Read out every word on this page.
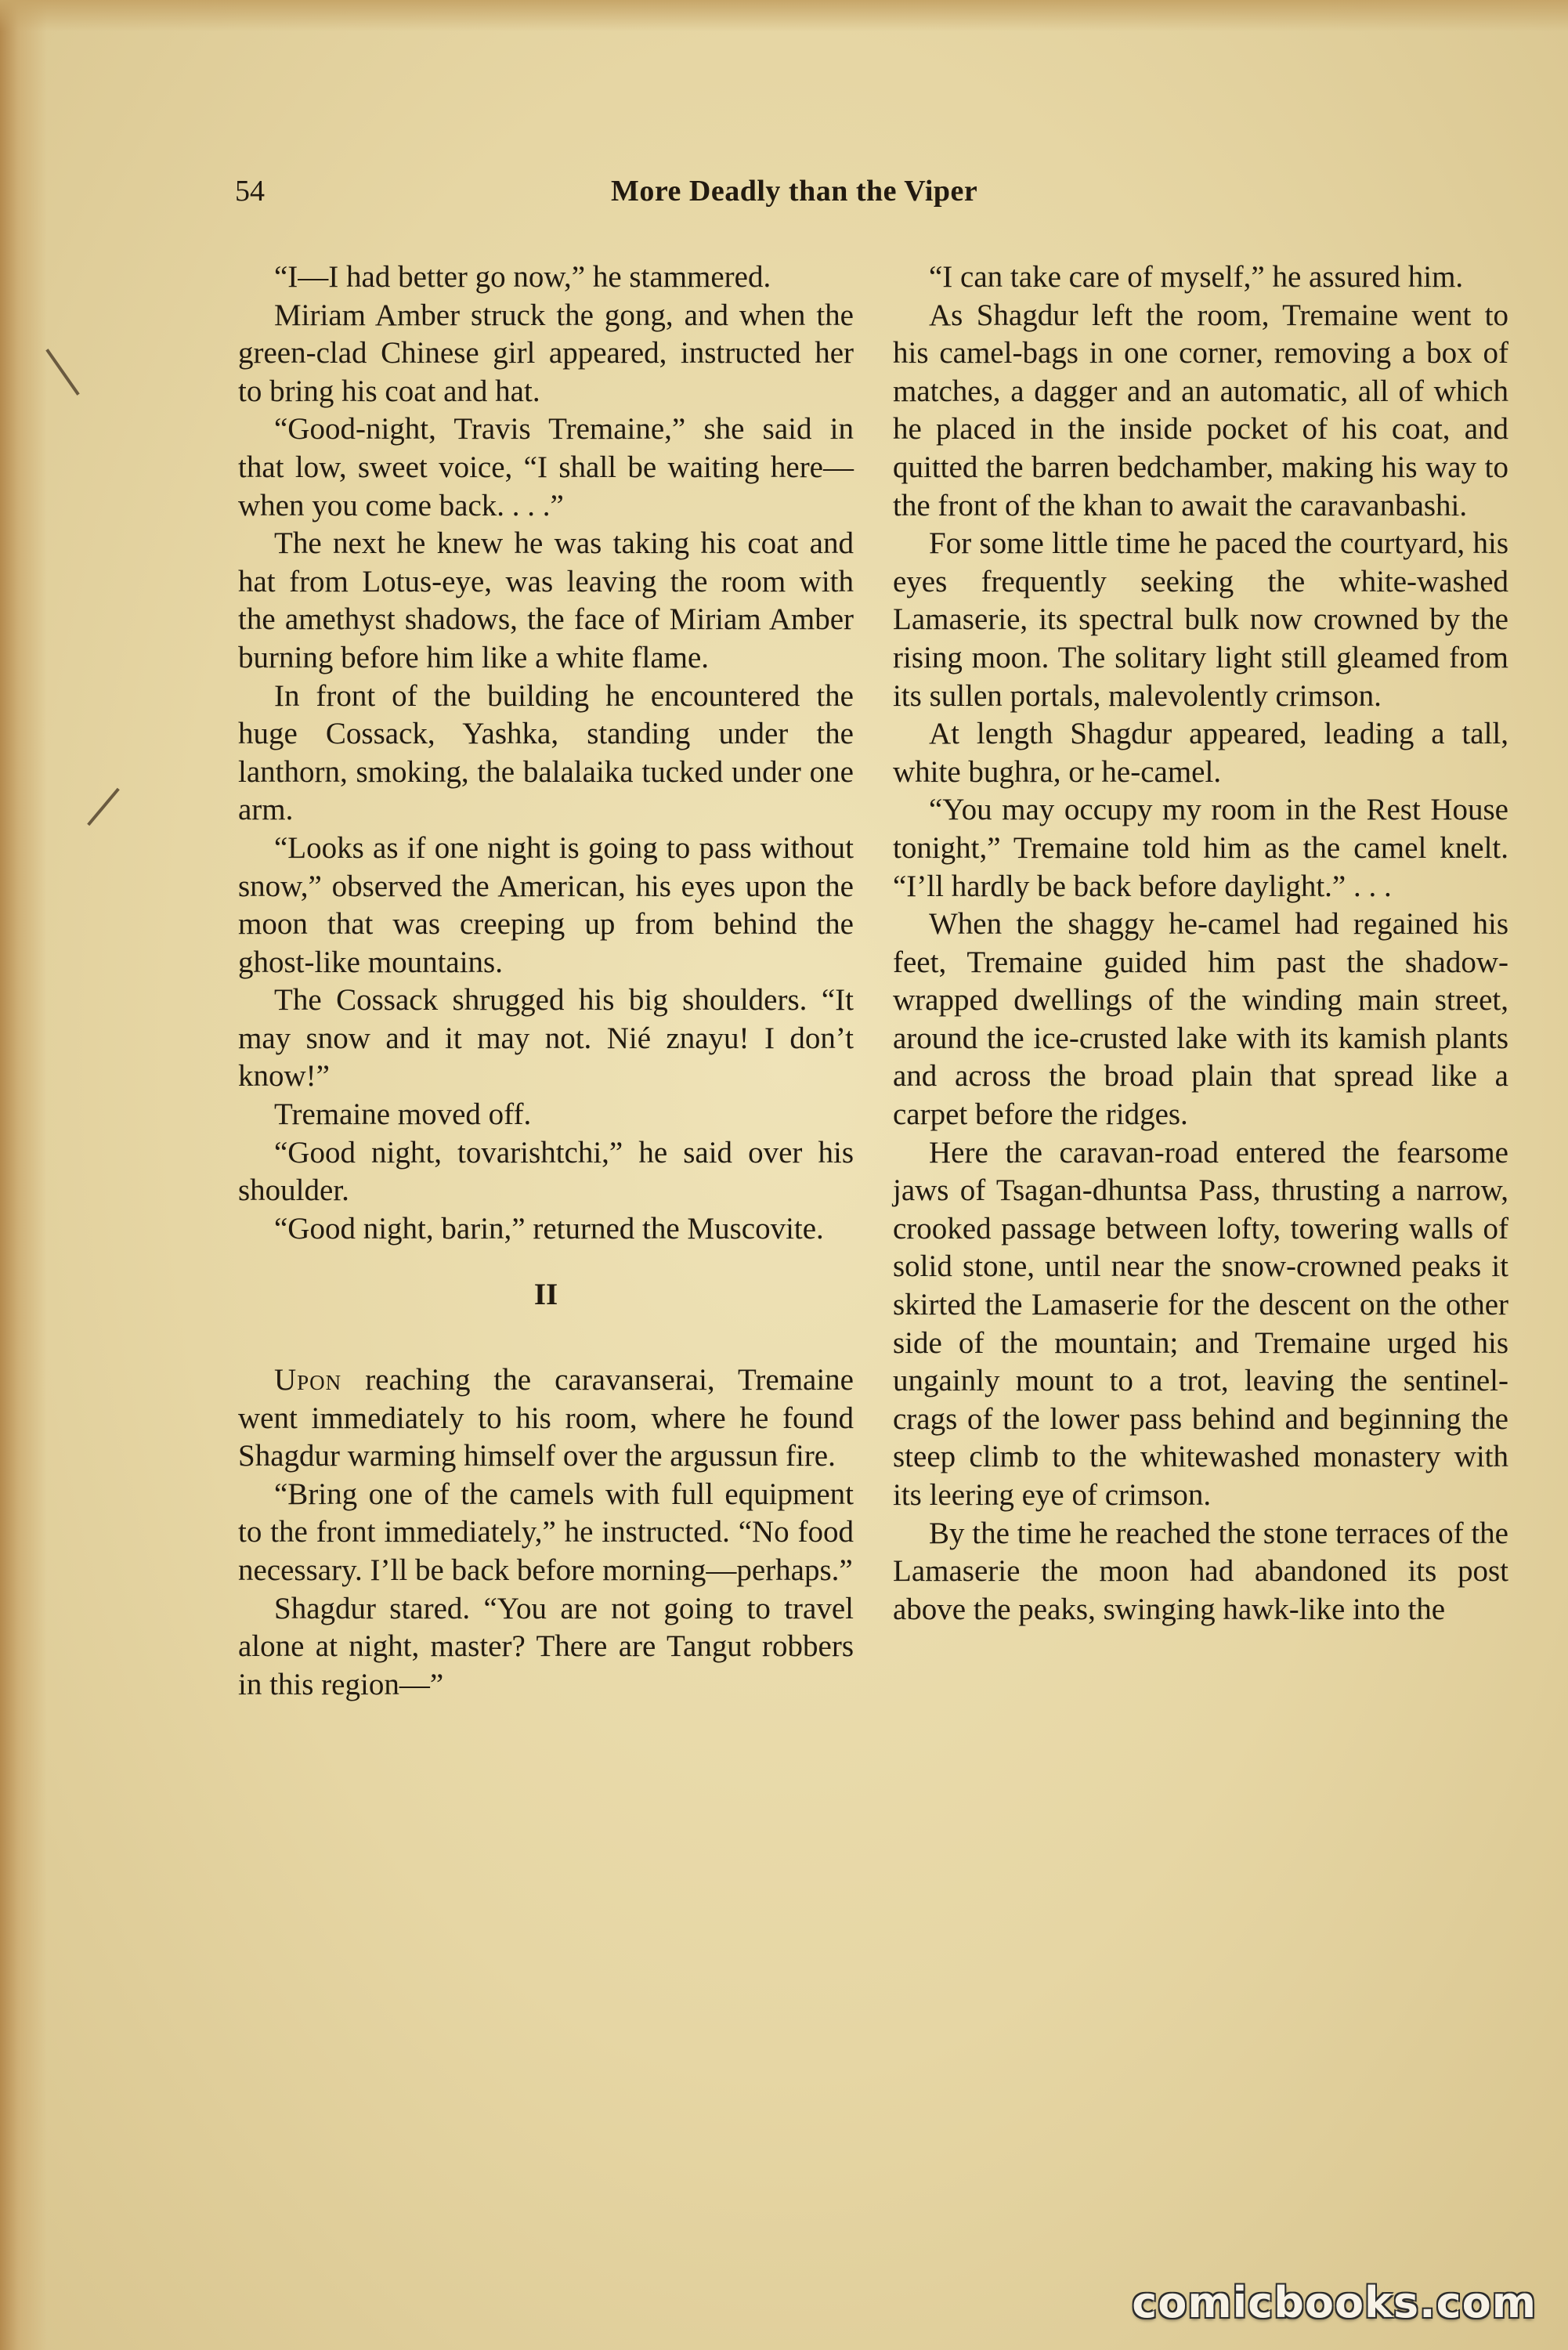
54	More Deadly than the Viper

“I—I had better go now,” he stammered.

Miriam Amber struck the gong, and when the green-clad Chinese girl appeared, instructed her to bring his coat and hat.

“Good-night, Travis Tremaine,” she said in that low, sweet voice, “I shall be waiting here—when you come back. . . .”

The next he knew he was taking his coat and hat from Lotus-eye, was leaving the room with the amethyst shadows, the face of Miriam Amber burning before him like a white flame.

In front of the building he encountered the huge Cossack, Yashka, standing under the lanthorn, smoking, the balalaika tucked under one arm.

“Looks as if one night is going to pass without snow,” observed the American, his eyes upon the moon that was creeping up from behind the ghost-like mountains.

The Cossack shrugged his big shoulders. “It may snow and it may not. Nié znayu! I don’t know!”

Tremaine moved off.

“Good night, tovarishtchi,” he said over his shoulder.

“Good night, barin,” returned the Muscovite.

II

Upon reaching the caravanserai, Tremaine went immediately to his room, where he found Shagdur warming himself over the argussun fire.

“Bring one of the camels with full equipment to the front immediately,” he instructed. “No food necessary. I’ll be back before morning—perhaps.”

Shagdur stared. “You are not going to travel alone at night, master? There are Tangut robbers in this region—”

“I can take care of myself,” he assured him.

As Shagdur left the room, Tremaine went to his camel-bags in one corner, removing a box of matches, a dagger and an automatic, all of which he placed in the inside pocket of his coat, and quitted the barren bedchamber, making his way to the front of the khan to await the caravanbashi.

For some little time he paced the courtyard, his eyes frequently seeking the white-washed Lamaserie, its spectral bulk now crowned by the rising moon. The solitary light still gleamed from its sullen portals, malevolently crimson.

At length Shagdur appeared, leading a tall, white bughra, or he-camel.

“You may occupy my room in the Rest House tonight,” Tremaine told him as the camel knelt. “I’ll hardly be back before daylight.” . . .

When the shaggy he-camel had regained his feet, Tremaine guided him past the shadow-wrapped dwellings of the winding main street, around the ice-crusted lake with its kamish plants and across the broad plain that spread like a carpet before the ridges.

Here the caravan-road entered the fearsome jaws of Tsagan-dhuntsa Pass, thrusting a narrow, crooked passage between lofty, towering walls of solid stone, until near the snow-crowned peaks it skirted the Lamaserie for the descent on the other side of the mountain; and Tremaine urged his ungainly mount to a trot, leaving the sentinel-crags of the lower pass behind and beginning the steep climb to the whitewashed monastery with its leering eye of crimson.

By the time he reached the stone terraces of the Lamaserie the moon had abandoned its post above the peaks, swinging hawk-like into the

comicbooks.com
